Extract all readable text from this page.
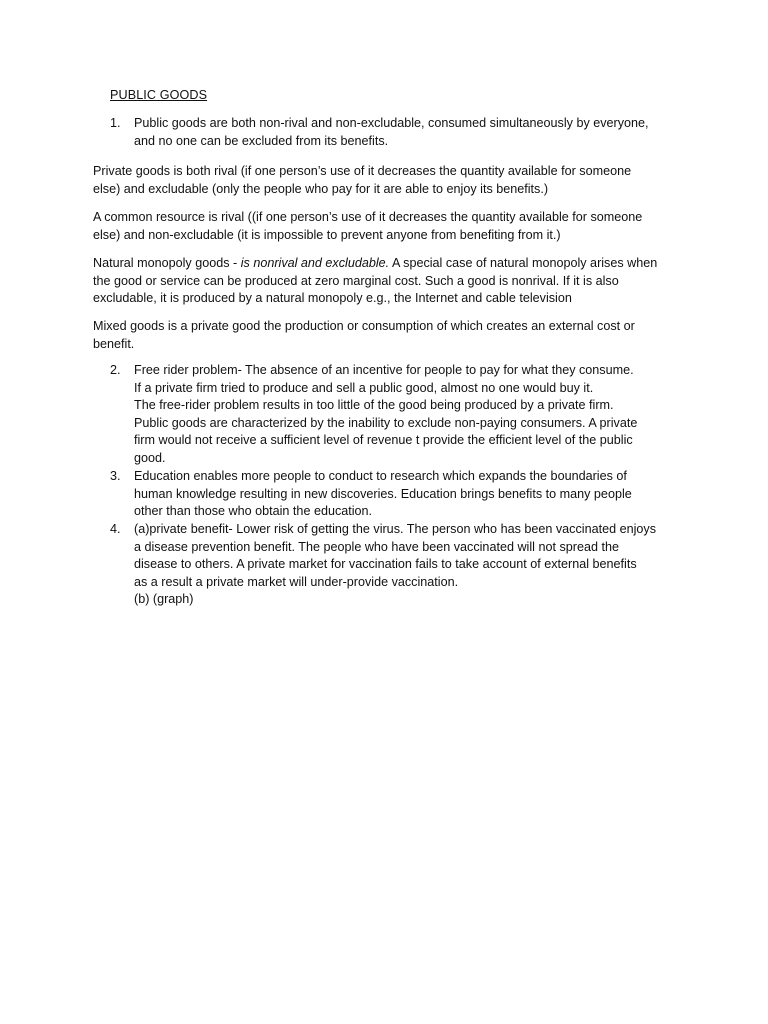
PUBLIC GOODS
1.	Public goods are both non-rival and non-excludable, consumed simultaneously by everyone,
and no one can be excluded from its benefits.
Private goods is both rival (if one person’s use of it decreases the quantity available for someone
else) and excludable (only the people who pay for it are able to enjoy its benefits.)
A common resource is rival ((if one person’s use of it decreases the quantity available for someone
else) and non-excludable (it is impossible to prevent anyone from benefiting from it.)
Natural monopoly goods - is nonrival and excludable. A special case of natural monopoly arises when
the good or service can be produced at zero marginal cost. Such a good is nonrival. If it is also
excludable, it is produced by a natural monopoly e.g., the Internet and cable television
Mixed goods is a private good the production or consumption of which creates an external cost or
benefit.
2.	Free rider problem- The absence of an incentive for people to pay for what they consume.
If a private firm tried to produce and sell a public good, almost no one would buy it.
The free-rider problem results in too little of the good being produced by a private firm.
Public goods are characterized by the inability to exclude non-paying consumers. A private
firm would not receive a sufficient level of revenue t provide the efficient level of the public
good.
3.	Education enables more people to conduct to research which expands the boundaries of
human knowledge resulting in new discoveries. Education brings benefits to many people
other than those who obtain the education.
4.	(a)private benefit- Lower risk of getting the virus. The person who has been vaccinated enjoys
a disease prevention benefit. The people who have been vaccinated will not spread the
disease to others. A private market for vaccination fails to take account of external benefits
as a result a private market will under-provide vaccination.
(b) (graph)
